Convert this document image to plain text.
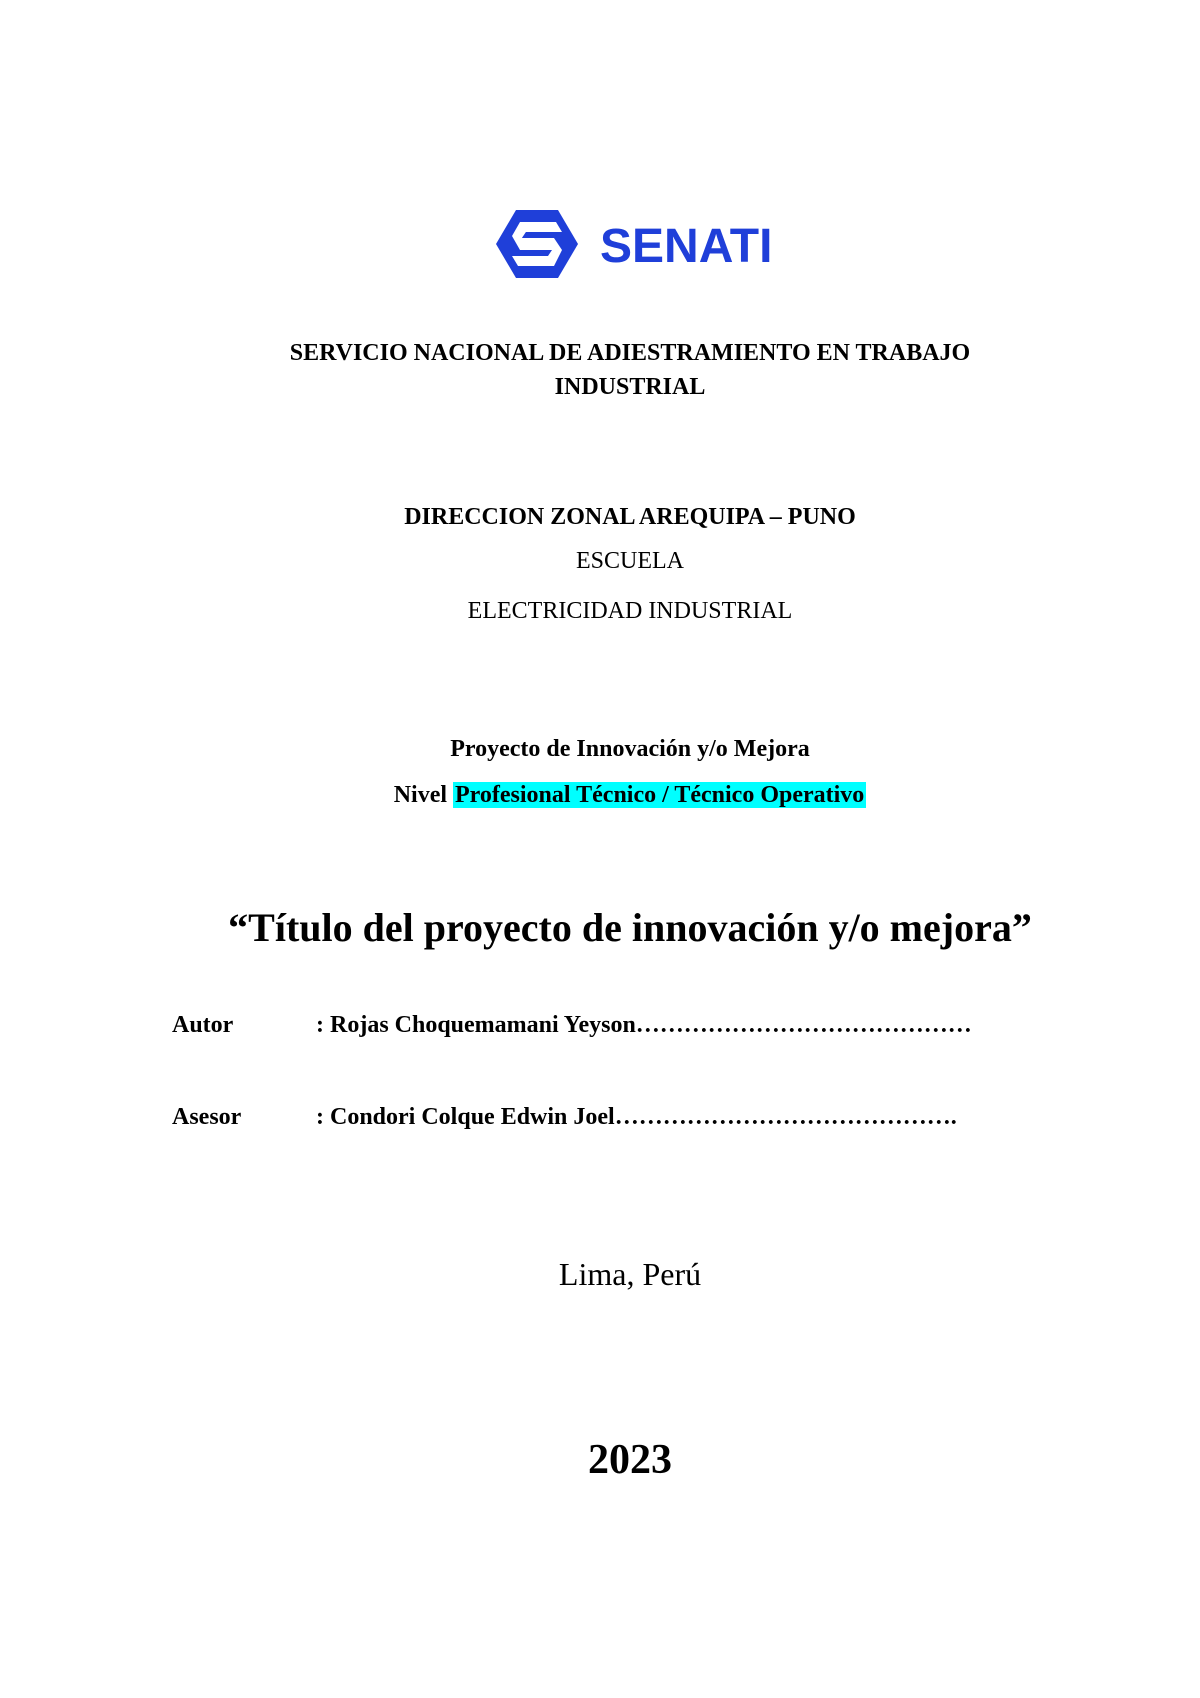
SENATI
SERVICIO NACIONAL DE ADIESTRAMIENTO EN TRABAJO
INDUSTRIAL
DIRECCION ZONAL AREQUIPA – PUNO
ESCUELA
ELECTRICIDAD INDUSTRIAL
Proyecto de Innovación y/o Mejora
Nivel Profesional Técnico / Técnico Operativo
“Título del proyecto de innovación y/o mejora”
Autor	: Rojas Choquemamani Yeyson……………………………………
Asesor	: Condori Colque Edwin Joel…………………………………….
Lima, Perú
2023
